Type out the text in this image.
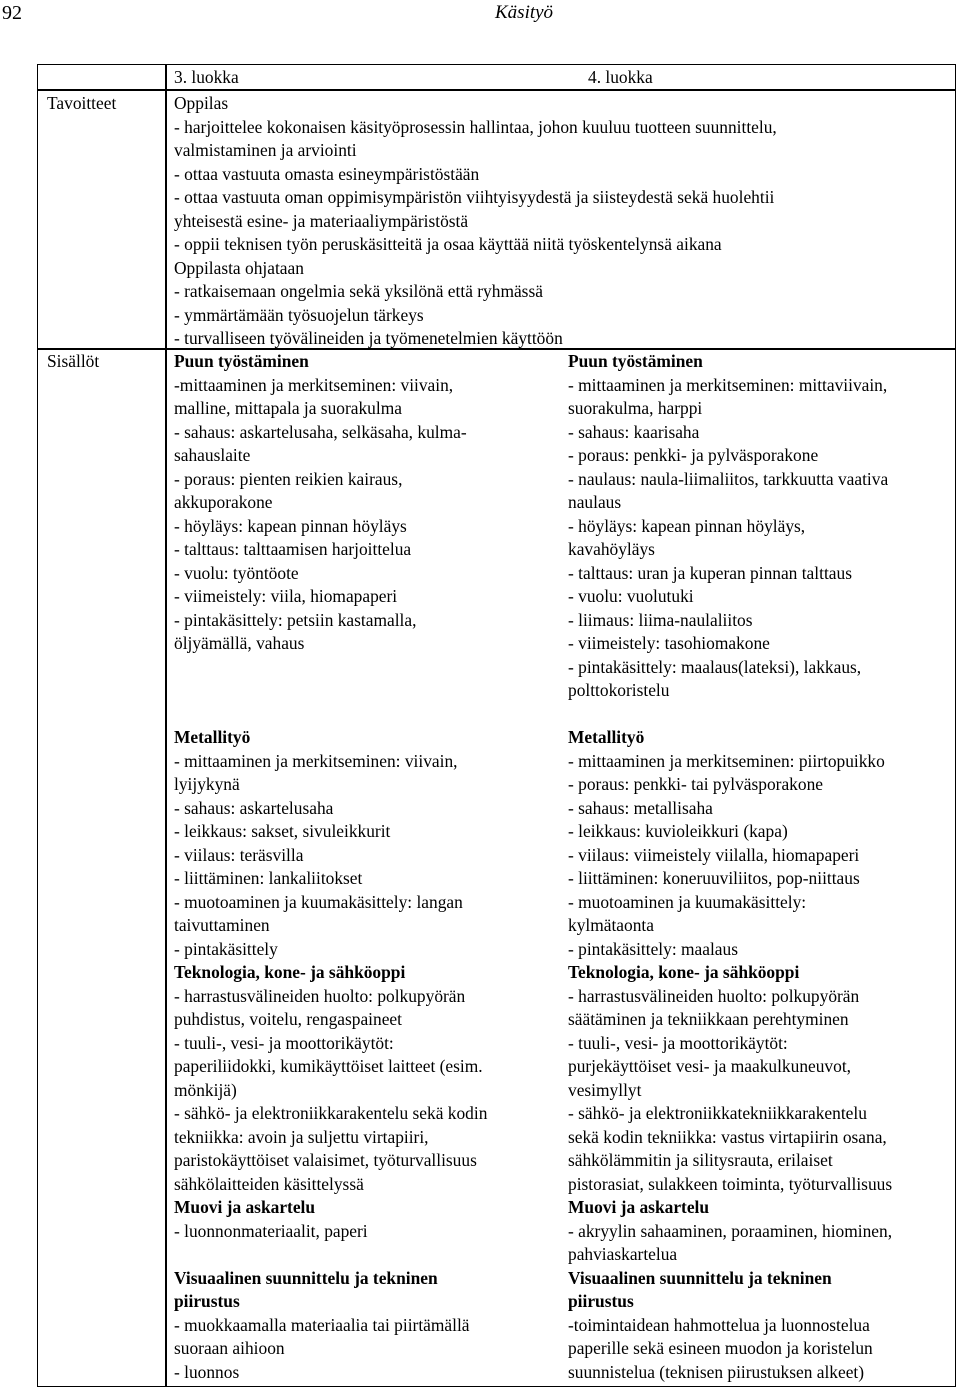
92	Käsityö
3. luokka	4. luokka
Tavoitteet
Sisällöt
Oppilas
- harjoittelee kokonaisen käsityöprosessin hallintaa, johon kuuluu tuotteen suunnittelu,
valmistaminen ja arviointi
- ottaa vastuuta omasta esineympäristöstään
- ottaa vastuuta oman oppimisympäristön viihtyisyydestä ja siisteydestä sekä huolehtii
yhteisestä esine- ja materiaaliympäristöstä
- oppii teknisen työn peruskäsitteitä ja osaa käyttää niitä työskentelynsä aikana
Oppilasta ohjataan
- ratkaisemaan ongelmia sekä yksilönä että ryhmässä
- ymmärtämään työsuojelun tärkeys
- turvalliseen työvälineiden ja työmenetelmien käyttöön
Puun työstäminen
-mittaaminen ja merkitseminen: viivain,
malline, mittapala ja suorakulma
- sahaus: askartelusaha, selkäsaha, kulma-
sahauslaite
- poraus: pienten reikien kairaus,
akkuporakone
- höyläys: kapean pinnan höyläys
- talttaus: talttaamisen harjoittelua
- vuolu: työntöote
- viimeistely: viila, hiomapaperi
- pintakäsittely: petsiin kastamalla,
öljyämällä, vahaus
Metallityö
- mittaaminen ja merkitseminen: viivain,
lyijykynä
- sahaus: askartelusaha
- leikkaus: sakset, sivuleikkurit
- viilaus: teräsvilla
- liittäminen: lankaliitokset
- muotoaminen ja kuumakäsittely: langan
taivuttaminen
- pintakäsittely
Teknologia, kone- ja sähköoppi
- harrastusvälineiden huolto: polkupyörän
puhdistus, voitelu, rengaspaineet
- tuuli-, vesi- ja moottorikäytöt:
paperiliidokki, kumikäyttöiset laitteet (esim.
mönkijä)
- sähkö- ja elektroniikkarakentelu sekä kodin
tekniikka: avoin ja suljettu virtapiiri,
paristokäyttöiset valaisimet, työturvallisuus
sähkölaitteiden käsittelyssä
Muovi ja askartelu
- luonnonmateriaalit, paperi
Visuaalinen suunnittelu ja tekninen piirustus
- muokkaamalla materiaalia tai piirtämällä
suoraan aihioon
- luonnos
Puun työstäminen
- mittaaminen ja merkitseminen: mittaviivain,
suorakulma, harppi
- sahaus: kaarisaha
- poraus: penkki- ja pylväsporakone
- naulaus: naula-liimaliitos, tarkkuutta vaativa
naulaus
- höyläys: kapean pinnan höyläys,
kavahöyläys
- talttaus: uran ja kuperan pinnan talttaus
- vuolu: vuolutuki
- liimaus: liima-naulaliitos
- viimeistely: tasohiomakone
- pintakäsittely: maalaus(lateksi), lakkaus,
polttokoristelu
Metallityö
- mittaaminen ja merkitseminen: piirtopuikko
- poraus: penkki- tai pylväsporakone
- sahaus: metallisaha
- leikkaus: kuvioleikkuri (kapa)
- viilaus: viimeistely viilalla, hiomapaperi
- liittäminen: koneruuviliitos, pop-niittaus
- muotoaminen ja kuumakäsittely:
kylmätaonta
- pintakäsittely: maalaus
Teknologia, kone- ja sähköoppi
- harrastusvälineiden huolto: polkupyörän
säätäminen ja tekniikkaan perehtyminen
- tuuli-, vesi- ja moottorikäytöt:
purjekäyttöiset vesi- ja maakulkuneuvot,
vesimyllyt
- sähkö- ja elektroniikkatekniikkarakentelu
sekä kodin tekniikka: vastus virtapiirin osana,
sähkölämmitin ja silitysrauta, erilaiset
pistorasiat, sulakkeen toiminta, työturvallisuus
Muovi ja askartelu
- akryylin sahaaminen, poraaminen, hiominen,
pahviaskartelua
Visuaalinen suunnittelu ja tekninen piirustus
-toimintaidean hahmottelua ja luonnostelua
paperille sekä esineen muodon ja koristelun
suunnistelua (teknisen piirustuksen alkeet)
